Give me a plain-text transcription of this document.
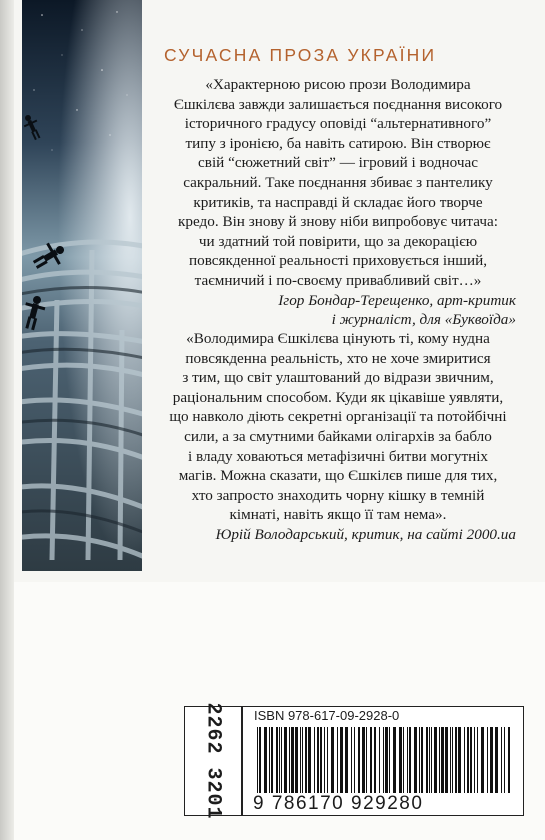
СУЧАСНА ПРОЗА УКРАЇНИ

«Характерною рисою прози Володимира

Єшкілєва завжди залишається поєднання високого

історичного градусу оповіді “альтернативного”

типу з іронією, ба навіть сатирою. Він створює

свій “сюжетний світ” — ігровий і водночас

сакральний. Таке поєднання збиває з пантелику

критиків, та насправді й складає його творче

кредо. Він знову й знову ніби випробовує читача:

чи здатний той повірити, що за декорацією

повсякденної реальності приховується інший,

таємничий і по-своєму привабливий світ…»

Ігор Бондар-Терещенко, арт-критик

і журналіст, для «Буквоїда»

«Володимира Єшкілєва цінують ті, кому нудна

повсякденна реальність, хто не хоче змиритися

з тим, що світ улаштований до відрази звичним,

раціональним способом. Куди як цікавіше уявляти,

що навколо діють секретні організації та потойбічні

сили, а за смутними байками олігархів за бабло

і владу ховаються метафізичні битви могутніх

магів. Можна сказати, що Єшкілєв пише для тих,

хто запросто знаходить чорну кішку в темній

кімнаті, навіть якщо її там нема».

Юрій Володарський, критик, на сайті 2000.ua

2262 3201 ISBN 978-617-09-2928-0
9 786170 929280
